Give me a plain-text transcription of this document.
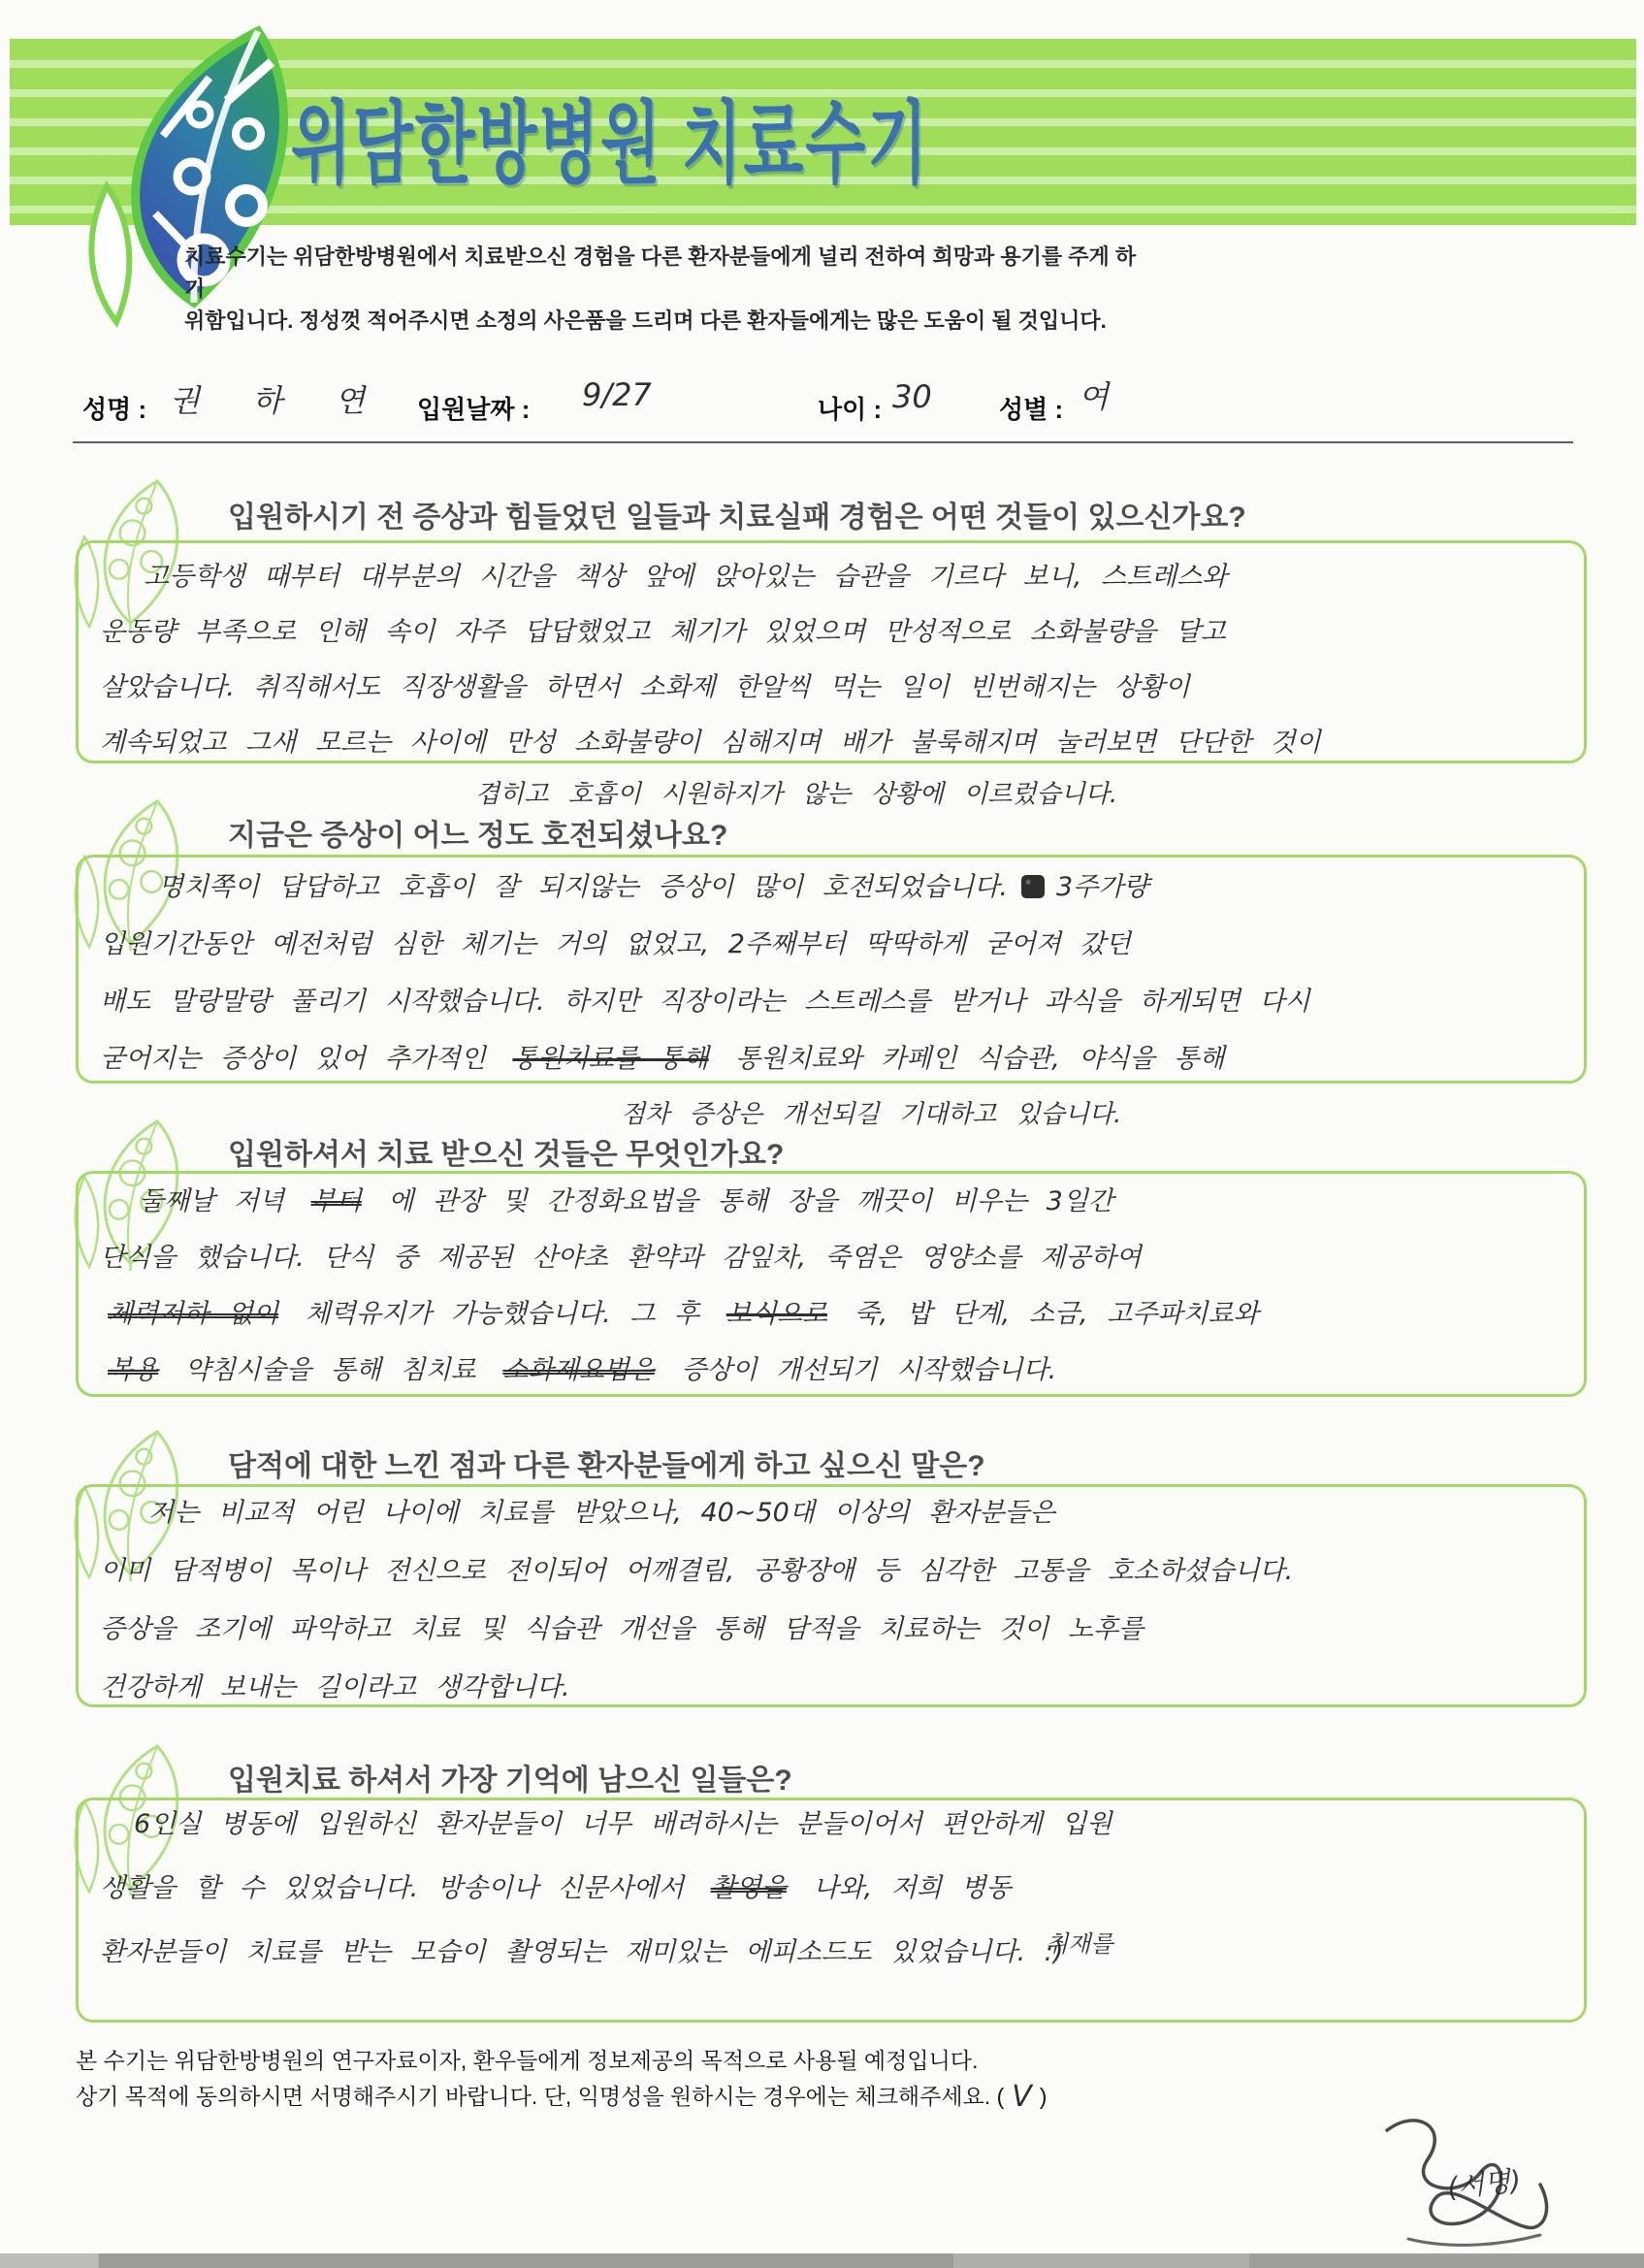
위담한방병원 치료수기
치료수기는 위담한방병원에서 치료받으신 경험을 다른 환자분들에게 널리 전하여 희망과 용기를 주게 하기
위함입니다. 정성껏 적어주시면 소정의 사은품을 드리며 다른 환자들에게는 많은 도움이 될 것입니다.
성명 : 권 하 연 입원날짜 : 9/27	나이 : 30	성별 : 여
입원하시기 전 증상과 힘들었던 일들과 치료실패 경험은 어떤 것들이 있으신가요?
고등학생 때부터 대부분의 시간을 책상 앞에 앉아있는 습관을 기르다 보니, 스트레스와
운동량 부족으로 인해 속이 자주 답답했었고 체기가 있었으며 만성적으로 소화불량을 달고
살았습니다. 취직해서도 직장생활을 하면서 소화제 한알씩 먹는 일이 빈번해지는 상황이
계속되었고 그새 모르는 사이에 만성 소화불량이 심해지며 배가 불룩해지며 눌러보면 단단한 것이
겹히고 호흡이 시원하지가 않는 상황에 이르렀습니다.
지금은 증상이 어느 정도 호전되셨나요?
명치쪽이 답답하고 호흡이 잘 되지않는 증상이 많이 호전되었습니다. 3주가량
입원기간동안 예전처럼 심한 체기는 거의 없었고, 2주째부터 딱딱하게 굳어져 갔던
배도 말랑말랑 풀리기 시작했습니다. 하지만 직장이라는 스트레스를 받거나 과식을 하게되면 다시
굳어지는 증상이 있어 추가적인 통원치료를 통해 통원치료와 카페인 식습관, 야식을 통해
점차 증상은 개선되길 기대하고 있습니다.
입원하셔서 치료 받으신 것들은 무엇인가요?
둘째날 저녁 부터 에 관장 및 간정화요법을 통해 장을 깨끗이 비우는 3일간
단식을 했습니다. 단식 중 제공된 산야초 환약과 감잎차, 죽염은 영양소를 제공하여
체력저하 없이 체력유지가 가능했습니다. 그 후 보식으로 죽, 밥 단계, 소금, 고주파치료와
복용 약침시술을 통해 침치료 소화제요법은 증상이 개선되기 시작했습니다.
담적에 대한 느낀 점과 다른 환자분들에게 하고 싶으신 말은?
저는 비교적 어린 나이에 치료를 받았으나, 40~50대 이상의 환자분들은
이미 담적병이 목이나 전신으로 전이되어 어깨결림, 공황장애 등 심각한 고통을 호소하셨습니다.
증상을 조기에 파악하고 치료 및 식습관 개선을 통해 담적을 치료하는 것이 노후를
건강하게 보내는 길이라고 생각합니다.
입원치료 하셔서 가장 기억에 남으신 일들은?
6인실 병동에 입원하신 환자분들이 너무 배려하시는 분들이어서 편안하게 입원
생활을 할 수 있었습니다. 방송이나 신문사에서 촬영을 나와, 저희 병동
환자분들이 치료를 받는 모습이 촬영되는 재미있는 에피소드도 있었습니다. :)
취재를
본 수기는 위담한방병원의 연구자료이자, 환우들에게 정보제공의 목적으로 사용될 예정입니다.
상기 목적에 동의하시면 서명해주시기 바랍니다. 단, 익명성을 원하시는 경우에는 체크해주세요. ( V )
(서명)
